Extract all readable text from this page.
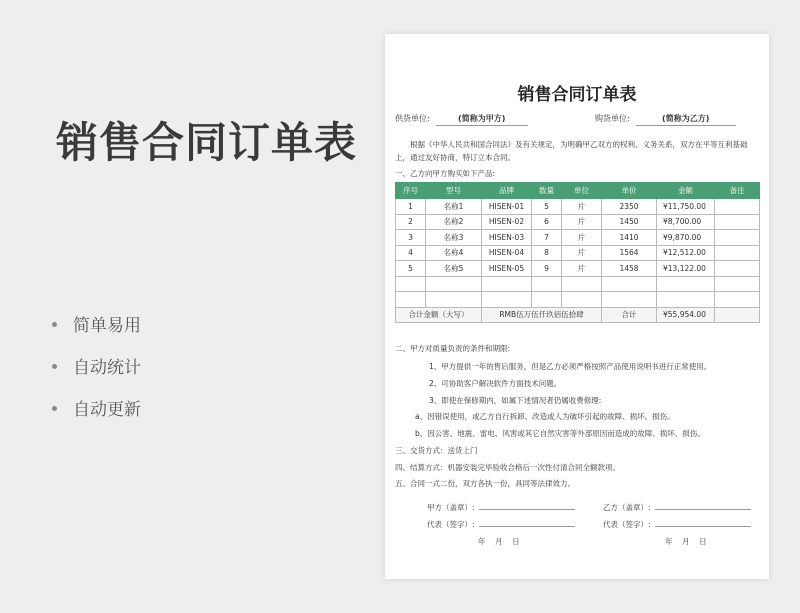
销售合同订单表
简单易用
自动统计
自动更新
销售合同订单表
供货单位:	(简称为甲方)	购货单位:	(简称为乙方)
根据《中华人民共和国合同法》及有关规定，为明确甲乙双方的权利、义务关系，双方在平等互利基础上，通过友好协商，特订立本合同。
一、乙方向甲方购买如下产品:
序号	型号	品牌	数量	单位	单价	金额	备注
1	名称1	HISEN-01	5	片	2350	¥11,750.00	
2	名称2	HISEN-02	6	片	1450	¥8,700.00	
3	名称3	HISEN-03	7	片	1410	¥9,870.00	
4	名称4	HISEN-04	8	片	1564	¥12,512.00	
5	名称5	HISEN-05	9	片	1458	¥13,122.00	

合计金额（大写）		RMB伍万伍仟玖佰伍拾肆			合计	¥55,954.00	
二、甲方对质量负责的条件和期限:
1、甲方提供一年的售后服务，但是乙方必须严格按照产品使用说明书进行正常使用。
2、可协助客户解决软件方面技术问题。
3、即使在保修期内，如属下述情况者仍属收费修理:
a、因错误使用，或乙方自行拆卸、改造或人为破坏引起的故障、损坏、损伤。
b、因公害、地震、雷电、风害或其它自然灾害等外部原因而造成的故障、损坏、损伤。
三、交货方式：送货上门
四、结算方式：机器安装完毕验收合格后一次性付清合同全额款项。
五、合同一式二份，双方各执一份，具同等法律效力。
甲方（盖章）:
代表（签字）:
乙方（盖章）:
代表（签字）:
年    月    日	年    月    日
